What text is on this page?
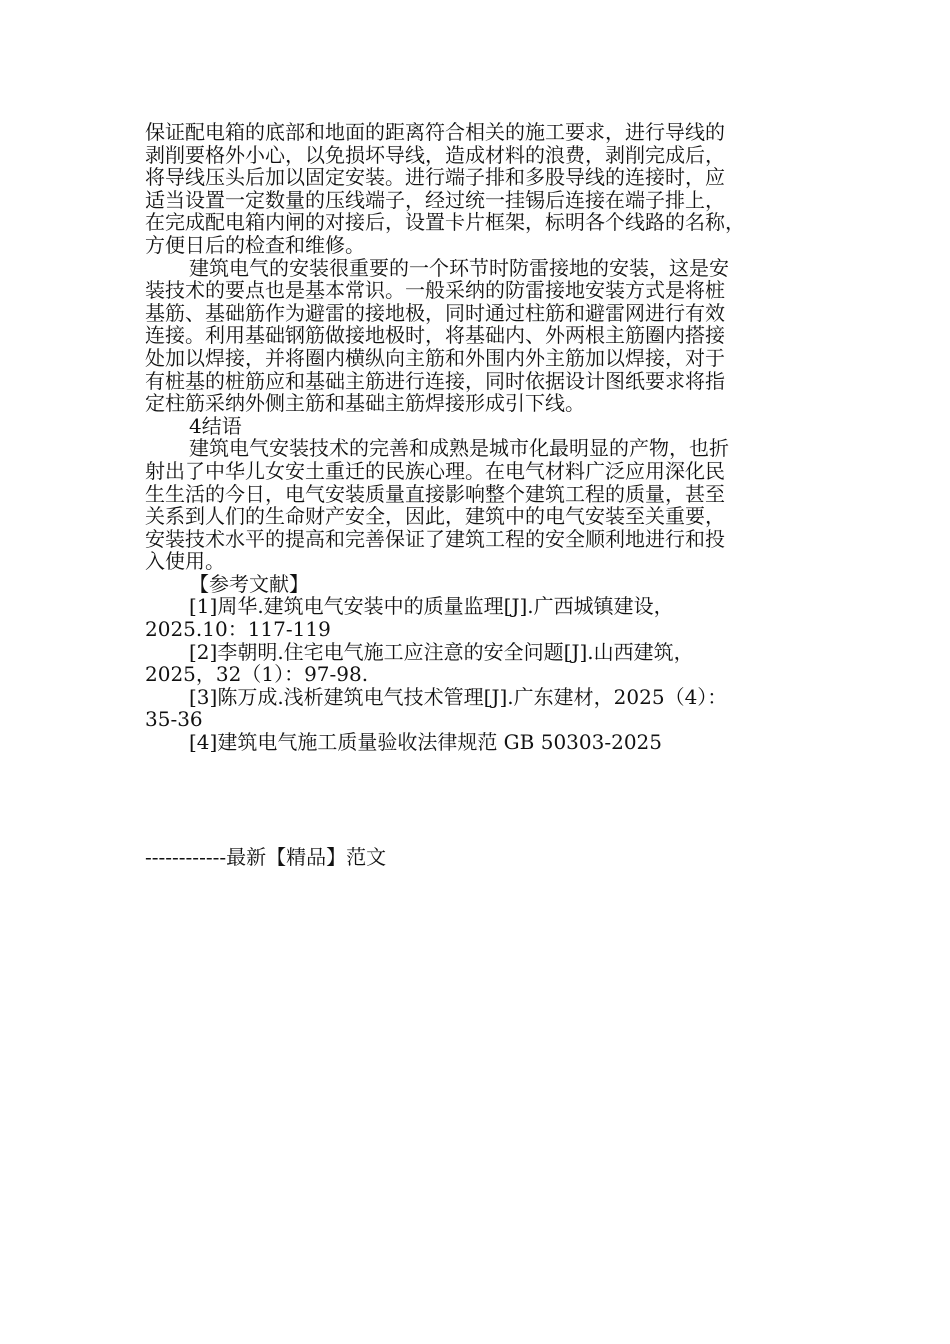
保证配电箱的底部和地面的距离符合相关的施工要求，进行导线的
剥削要格外小心，以免损坏导线，造成材料的浪费，剥削完成后，
将导线压头后加以固定安装。进行端子排和多股导线的连接时，应
适当设置一定数量的压线端子，经过统一挂锡后连接在端子排上，
在完成配电箱内闸的对接后，设置卡片框架，标明各个线路的名称，
方便日后的检查和维修。
建筑电气的安装很重要的一个环节时防雷接地的安装，这是安
装技术的要点也是基本常识。一般采纳的防雷接地安装方式是将桩
基筋、基础筋作为避雷的接地极，同时通过柱筋和避雷网进行有效
连接。利用基础钢筋做接地极时，将基础内、外两根主筋圈内搭接
处加以焊接，并将圈内横纵向主筋和外围内外主筋加以焊接，对于
有桩基的桩筋应和基础主筋进行连接，同时依据设计图纸要求将指
定柱筋采纳外侧主筋和基础主筋焊接形成引下线。
4结语
建筑电气安装技术的完善和成熟是城市化最明显的产物，也折
射出了中华儿女安土重迁的民族心理。在电气材料广泛应用深化民
生生活的今日，电气安装质量直接影响整个建筑工程的质量，甚至
关系到人们的生命财产安全，因此，建筑中的电气安装至关重要，
安装技术水平的提高和完善保证了建筑工程的安全顺利地进行和投
入使用。
【参考文献】
[1]周华.建筑电气安装中的质量监理[J].广西城镇建设，
2025.10：117-119
[2]李朝明.住宅电气施工应注意的安全问题[J].山西建筑，
2025，32（1）：97-98.
[3]陈万成.浅析建筑电气技术管理[J].广东建材，2025（4）：
35-36
[4]建筑电气施工质量验收法律规范 GB 50303-2025
------------最新【精品】范文
